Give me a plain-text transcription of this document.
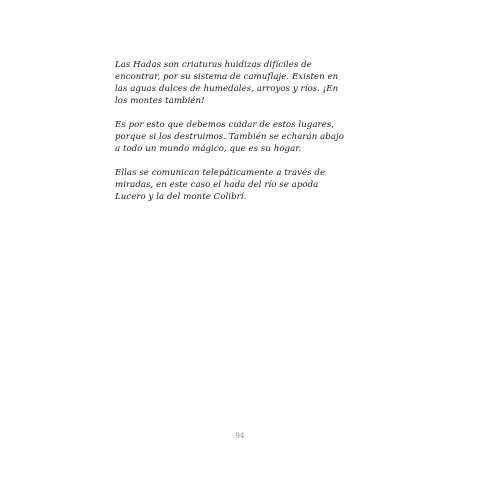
Las Hadas son criaturas huidizas difíciles de
encontrar, por su sistema de camuflaje. Existen en
las aguas dulces de humedales, arroyos y ríos. ¡En
los montes también!

Es por esto que debemos cuidar de estos lugares,
porque si los destruimos. También se echarán abajo
a todo un mundo mágico, que es su hogar.

Ellas se comunican telepáticamente a través de
miradas, en este caso el hada del río se apoda
Lucero y la del monte Colibrí.

94
